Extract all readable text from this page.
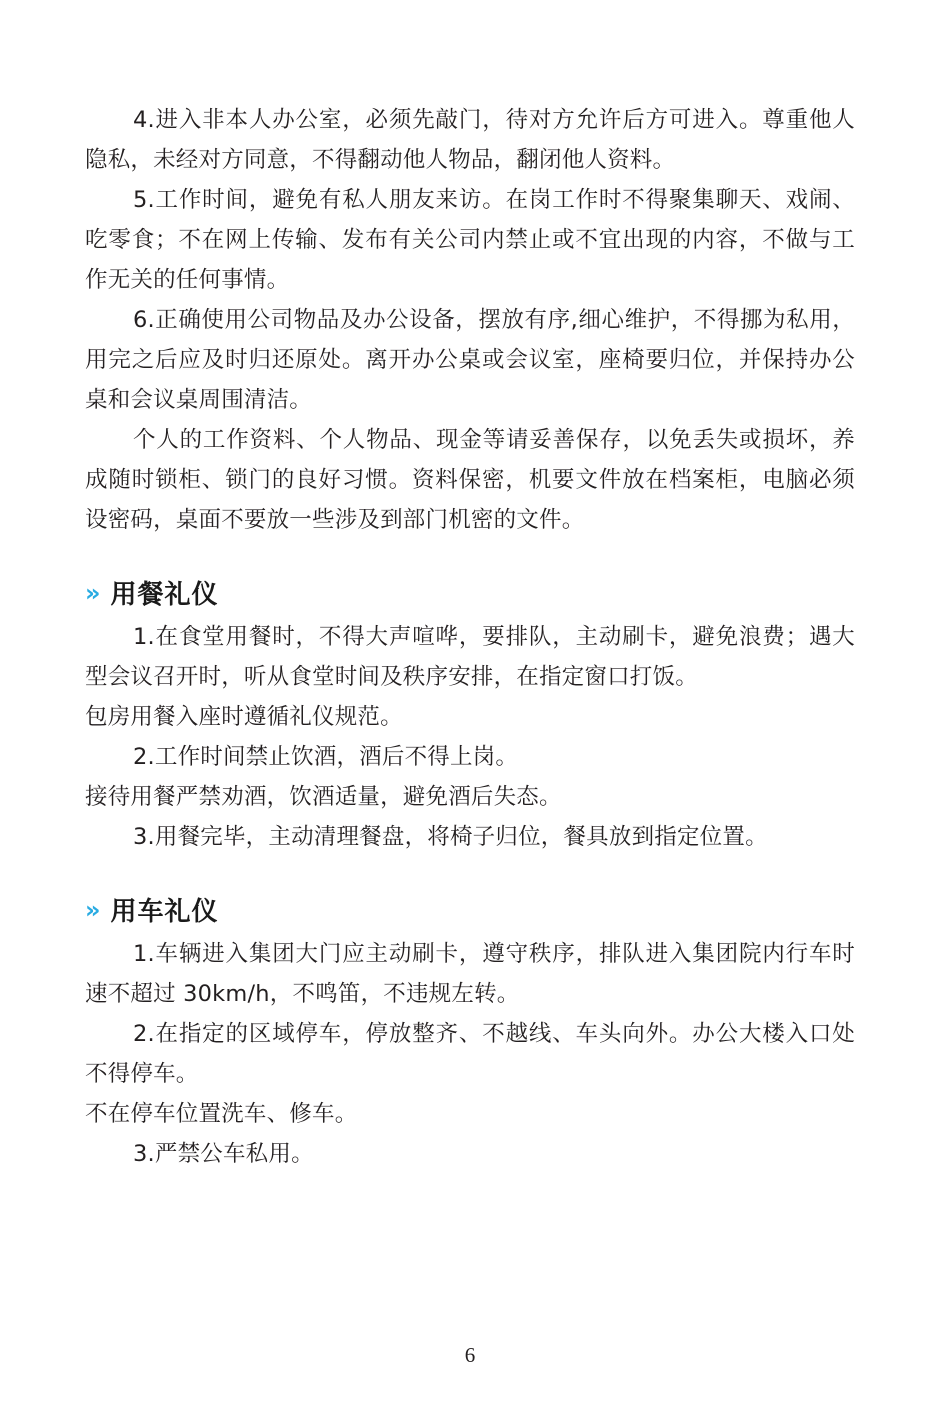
4.进入非本人办公室，必须先敲门，待对方允许后方可进入。尊重他人隐私，未经对方同意，不得翻动他人物品，翻闭他人资料。

5.工作时间，避免有私人朋友来访。在岗工作时不得聚集聊天、戏闹、吃零食；不在网上传输、发布有关公司内禁止或不宜出现的内容，不做与工作无关的任何事情。

6.正确使用公司物品及办公设备，摆放有序,细心维护，不得挪为私用，用完之后应及时归还原处。离开办公桌或会议室，座椅要归位，并保持办公桌和会议桌周围清洁。

个人的工作资料、个人物品、现金等请妥善保存，以免丢失或损坏，养成随时锁柜、锁门的良好习惯。资料保密，机要文件放在档案柜，电脑必须设密码，桌面不要放一些涉及到部门机密的文件。

» 用餐礼仪

1.在食堂用餐时，不得大声喧哗，要排队，主动刷卡，避免浪费；遇大型会议召开时，听从食堂时间及秩序安排，在指定窗口打饭。

包房用餐入座时遵循礼仪规范。

2.工作时间禁止饮酒，酒后不得上岗。

接待用餐严禁劝酒，饮酒适量，避免酒后失态。

3.用餐完毕，主动清理餐盘，将椅子归位，餐具放到指定位置。

» 用车礼仪

1.车辆进入集团大门应主动刷卡，遵守秩序，排队进入集团院内行车时速不超过 30km/h，不鸣笛，不违规左转。

2.在指定的区域停车，停放整齐、不越线、车头向外。办公大楼入口处不得停车。

不在停车位置洗车、修车。

3.严禁公车私用。

6
